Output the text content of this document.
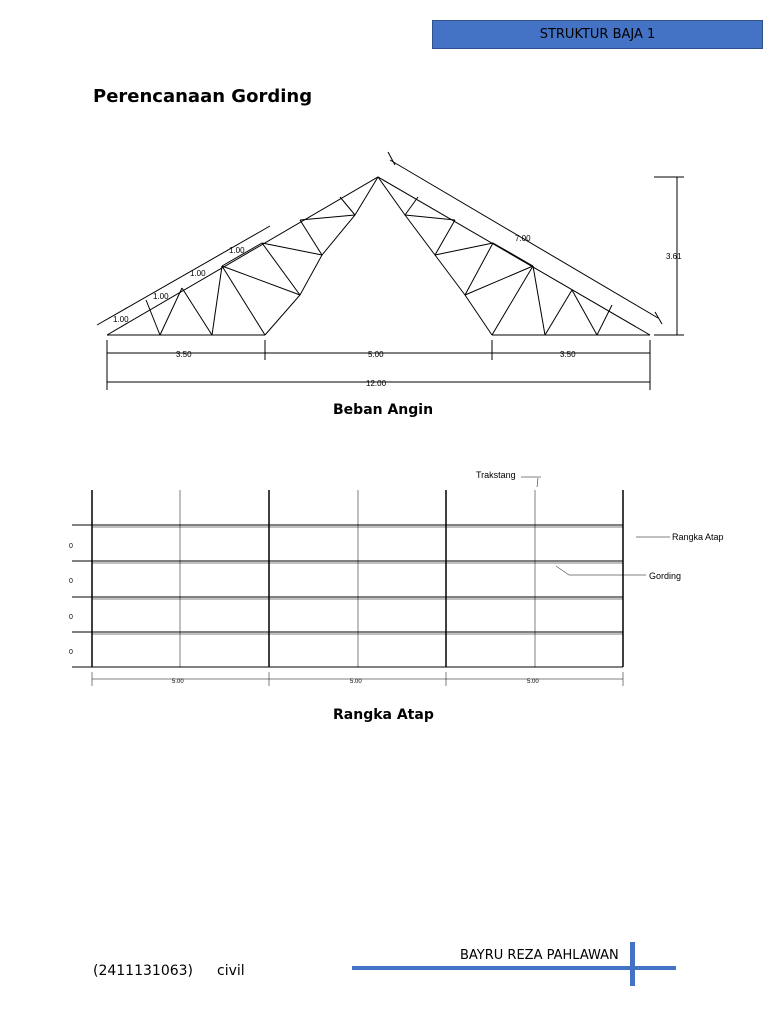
STRUKTUR BAJA 1
Perencanaan Gording
1.00
1.00
1.00
1.00
7.00
3.61
3.50	5.00	3.50
12.00
Beban Angin
Trakstang
Rangka Atap
Gording
0
0
0
0
5.00	5.00	5.00
Rangka Atap
BAYRU REZA PAHLAWAN
(2411131063) civil
